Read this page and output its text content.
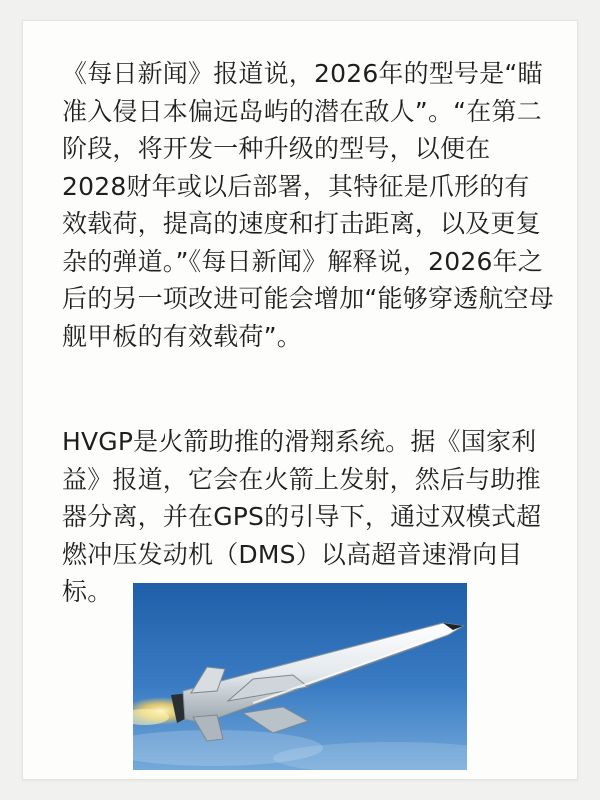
《每日新闻》报道说，2026年的型号是“瞄准入侵日本偏远岛屿的潜在敌人”。“在第二阶段，将开发一种升级的型号，以便在2028财年或以后部署，其特征是爪形的有效载荷，提高的速度和打击距离，以及更复杂的弹道。”《每日新闻》解释说，2026年之后的另一项改进可能会增加“能够穿透航空母舰甲板的有效载荷”。

HVGP是火箭助推的滑翔系统。据《国家利益》报道，它会在火箭上发射，然后与助推器分离，并在GPS的引导下，通过双模式超燃冲压发动机（DMS）以高超音速滑向目标。
